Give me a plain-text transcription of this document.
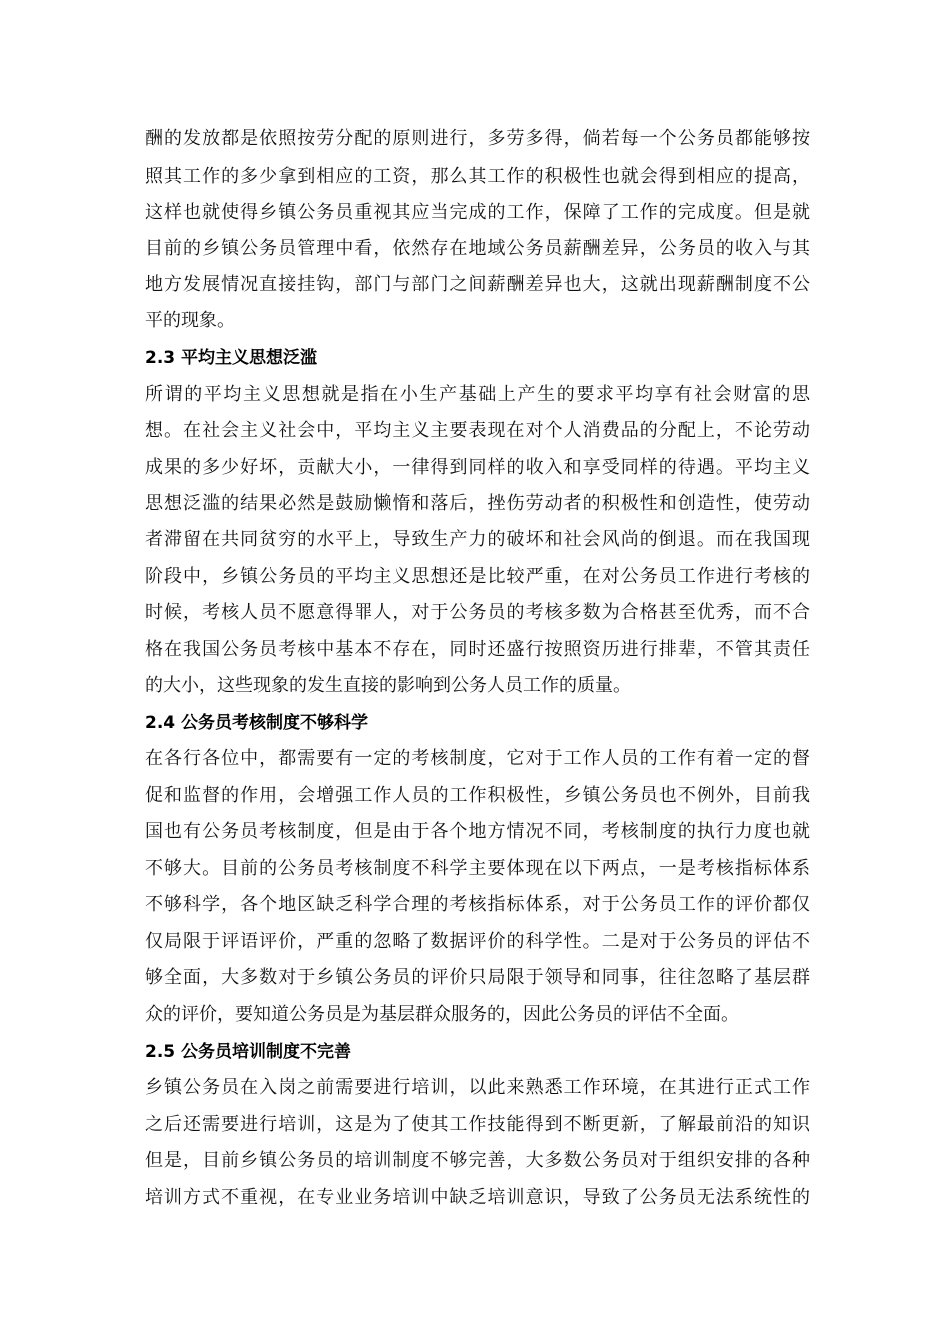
酬的发放都是依照按劳分配的原则进行，多劳多得，倘若每一个公务员都能够按
照其工作的多少拿到相应的工资，那么其工作的积极性也就会得到相应的提高，
这样也就使得乡镇公务员重视其应当完成的工作，保障了工作的完成度。但是就
目前的乡镇公务员管理中看，依然存在地域公务员薪酬差异，公务员的收入与其
地方发展情况直接挂钩，部门与部门之间薪酬差异也大，这就出现薪酬制度不公
平的现象。
2.3 平均主义思想泛滥
所谓的平均主义思想就是指在小生产基础上产生的要求平均享有社会财富的思
想。在社会主义社会中，平均主义主要表现在对个人消费品的分配上，不论劳动
成果的多少好坏，贡献大小，一律得到同样的收入和享受同样的待遇。平均主义
思想泛滥的结果必然是鼓励懒惰和落后，挫伤劳动者的积极性和创造性，使劳动
者滞留在共同贫穷的水平上，导致生产力的破坏和社会风尚的倒退。而在我国现
阶段中，乡镇公务员的平均主义思想还是比较严重，在对公务员工作进行考核的
时候，考核人员不愿意得罪人，对于公务员的考核多数为合格甚至优秀，而不合
格在我国公务员考核中基本不存在，同时还盛行按照资历进行排辈，不管其责任
的大小，这些现象的发生直接的影响到公务人员工作的质量。
2.4 公务员考核制度不够科学
在各行各位中，都需要有一定的考核制度，它对于工作人员的工作有着一定的督
促和监督的作用，会增强工作人员的工作积极性，乡镇公务员也不例外，目前我
国也有公务员考核制度，但是由于各个地方情况不同，考核制度的执行力度也就
不够大。目前的公务员考核制度不科学主要体现在以下两点，一是考核指标体系
不够科学，各个地区缺乏科学合理的考核指标体系，对于公务员工作的评价都仅
仅局限于评语评价，严重的忽略了数据评价的科学性。二是对于公务员的评估不
够全面，大多数对于乡镇公务员的评价只局限于领导和同事，往往忽略了基层群
众的评价，要知道公务员是为基层群众服务的，因此公务员的评估不全面。
2.5 公务员培训制度不完善
乡镇公务员在入岗之前需要进行培训，以此来熟悉工作环境，在其进行正式工作
之后还需要进行培训，这是为了使其工作技能得到不断更新，了解最前沿的知识
但是，目前乡镇公务员的培训制度不够完善，大多数公务员对于组织安排的各种
培训方式不重视，在专业业务培训中缺乏培训意识，导致了公务员无法系统性的
